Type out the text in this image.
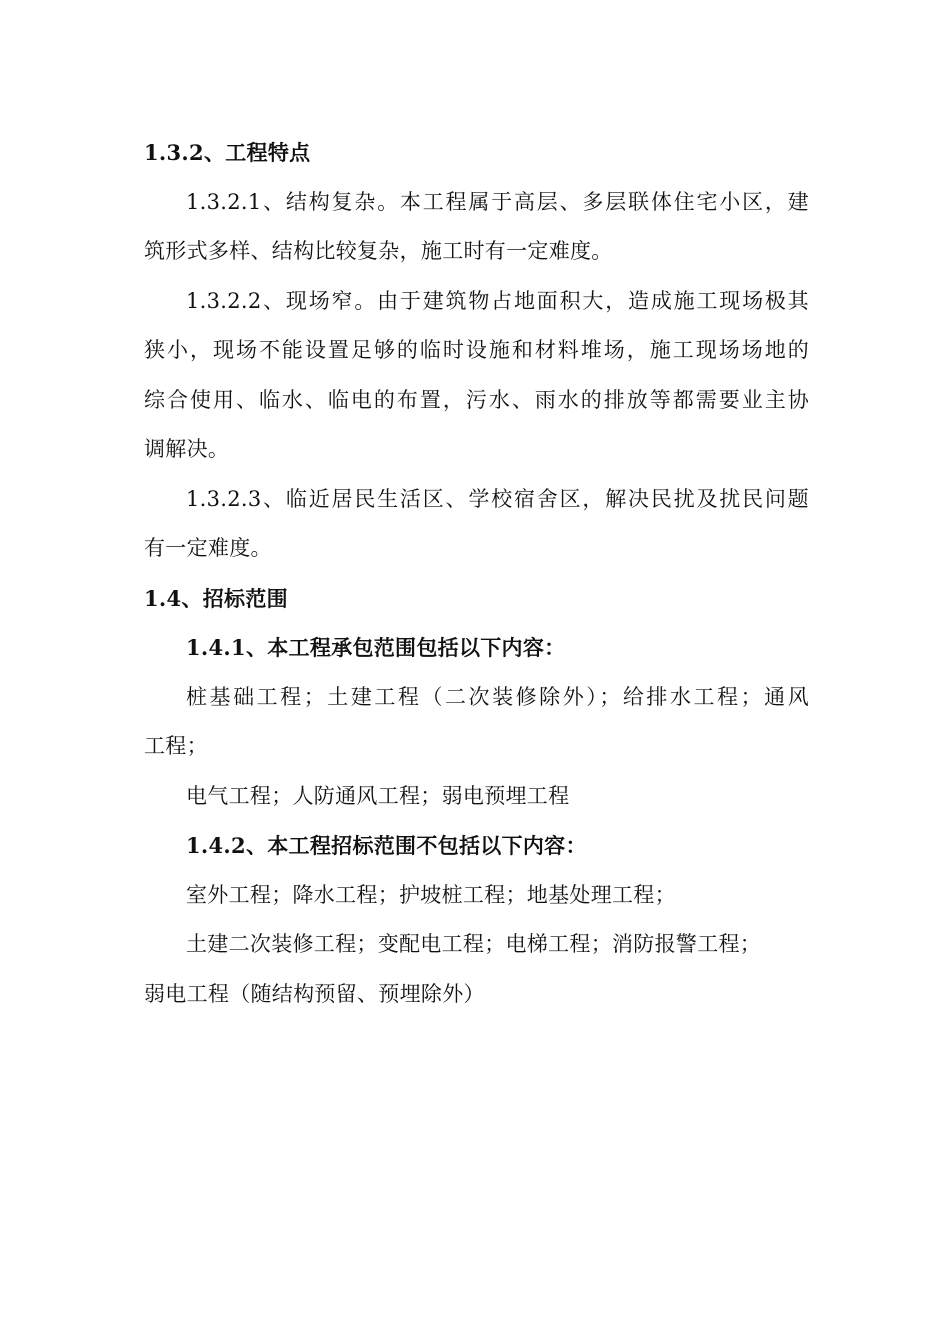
1.3.2、工程特点
1.3.2.1、结构复杂。本工程属于高层、多层联体住宅小区，建
筑形式多样、结构比较复杂，施工时有一定难度。
1.3.2.2、现场窄。由于建筑物占地面积大，造成施工现场极其
狭小，现场不能设置足够的临时设施和材料堆场，施工现场场地的
综合使用、临水、临电的布置，污水、雨水的排放等都需要业主协
调解决。
1.3.2.3、临近居民生活区、学校宿舍区，解决民扰及扰民问题
有一定难度。
1.4、招标范围
1.4.1、本工程承包范围包括以下内容：
桩基础工程；土建工程（二次装修除外）；给排水工程；通风
工程；
电气工程；人防通风工程；弱电预埋工程
1.4.2、本工程招标范围不包括以下内容：
室外工程；降水工程；护坡桩工程；地基处理工程；
土建二次装修工程；变配电工程；电梯工程；消防报警工程；
弱电工程（随结构预留、预埋除外）
